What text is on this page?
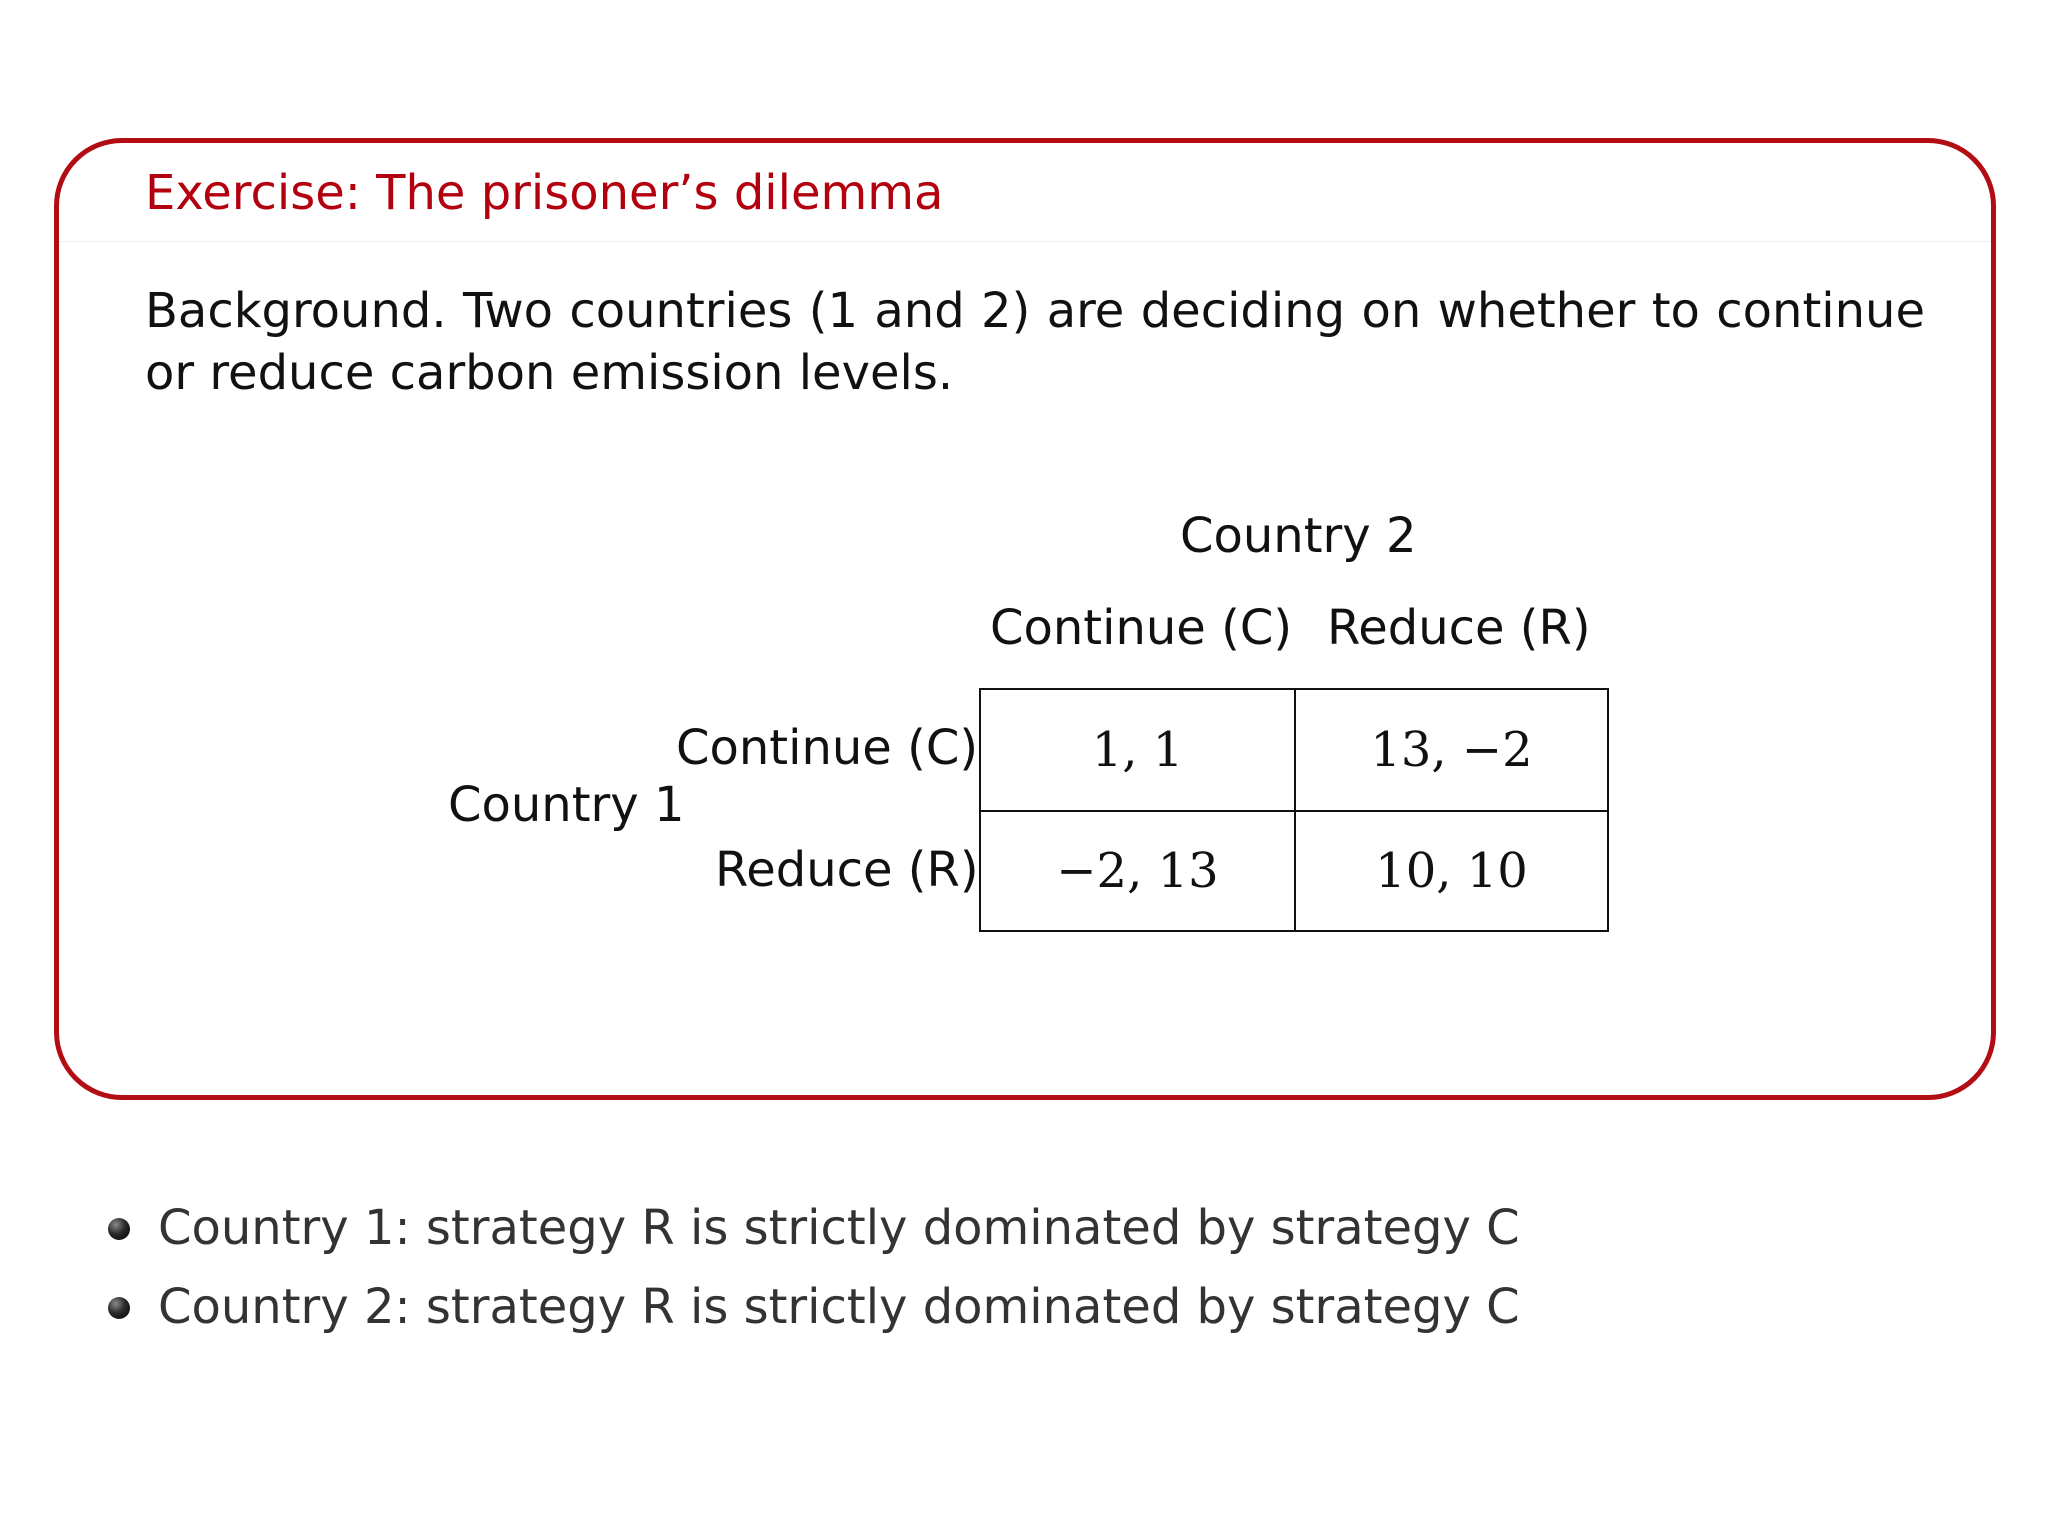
Exercise: The prisoner’s dilemma
Background. Two countries (1 and 2) are deciding on whether to continue or reduce carbon emission levels.
Country 2
Continue (C) Reduce (R)
Country 1
Continue (C)
Reduce (R)
1, 1	13, −2
−2, 13	10, 10
Country 1: strategy R is strictly dominated by strategy C
Country 2: strategy R is strictly dominated by strategy C
